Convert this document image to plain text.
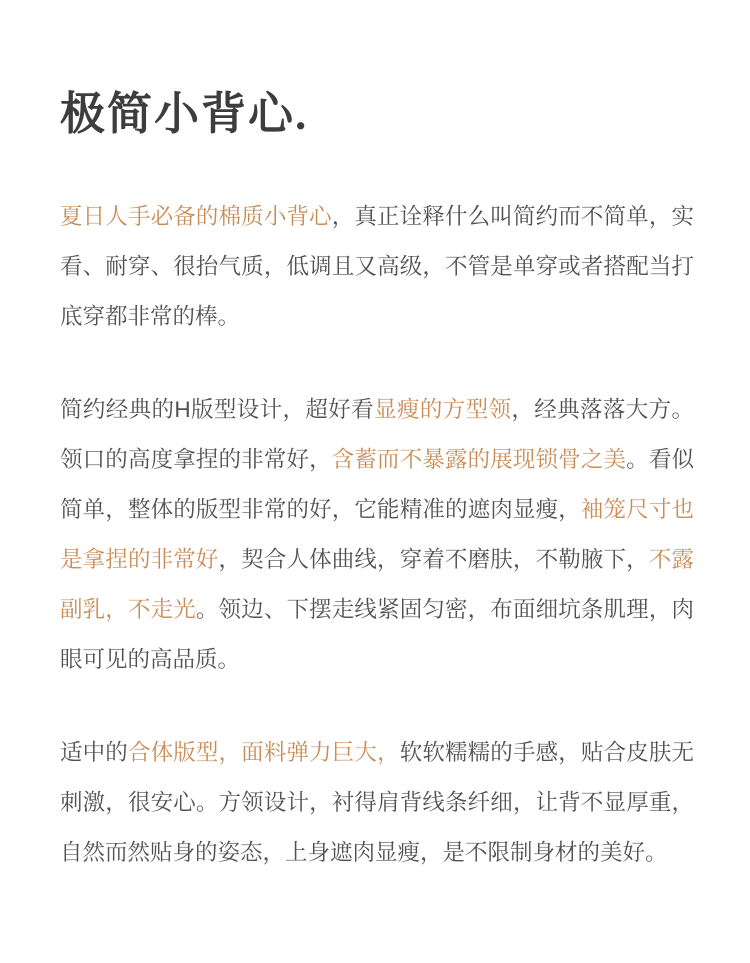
极简小背心.

夏日人手必备的棉质小背心，真正诠释什么叫简约而不简单，实看、耐穿、很抬气质，低调且又高级，不管是单穿或者搭配当打底穿都非常的棒。

简约经典的H版型设计，超好看显瘦的方型领，经典落落大方。领口的高度拿捏的非常好，含蓄而不暴露的展现锁骨之美。看似简单，整体的版型非常的好，它能精准的遮肉显瘦，袖笼尺寸也是拿捏的非常好，契合人体曲线，穿着不磨肤，不勒腋下，不露副乳，不走光。领边、下摆走线紧固匀密，布面细坑条肌理，肉眼可见的高品质。

适中的合体版型，面料弹力巨大，软软糯糯的手感，贴合皮肤无刺激，很安心。方领设计，衬得肩背线条纤细，让背不显厚重，自然而然贴身的姿态，上身遮肉显瘦，是不限制身材的美好。
